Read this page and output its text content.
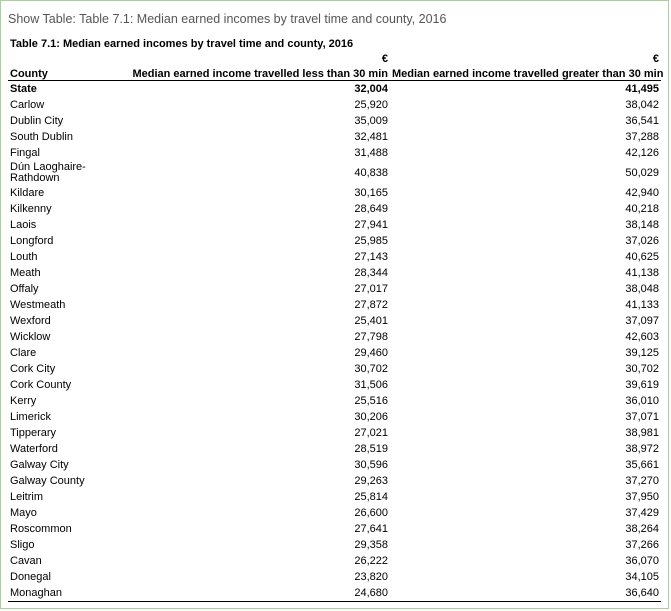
Show Table: Table 7.1: Median earned incomes by travel time and county, 2016
Table 7.1: Median earned incomes by travel time and county, 2016
	€	€
County	Median earned income travelled less than 30 min	Median earned income travelled greater than 30 min
State	32,004	41,495
Carlow	25,920	38,042
Dublin City	35,009	36,541
South Dublin	32,481	37,288
Fingal	31,488	42,126
Dún Laoghaire-Rathdown	40,838	50,029
Kildare	30,165	42,940
Kilkenny	28,649	40,218
Laois	27,941	38,148
Longford	25,985	37,026
Louth	27,143	40,625
Meath	28,344	41,138
Offaly	27,017	38,048
Westmeath	27,872	41,133
Wexford	25,401	37,097
Wicklow	27,798	42,603
Clare	29,460	39,125
Cork City	30,702	30,702
Cork County	31,506	39,619
Kerry	25,516	36,010
Limerick	30,206	37,071
Tipperary	27,021	38,981
Waterford	28,519	38,972
Galway City	30,596	35,661
Galway County	29,263	37,270
Leitrim	25,814	37,950
Mayo	26,600	37,429
Roscommon	27,641	38,264
Sligo	29,358	37,266
Cavan	26,222	36,070
Donegal	23,820	34,105
Monaghan	24,680	36,640
